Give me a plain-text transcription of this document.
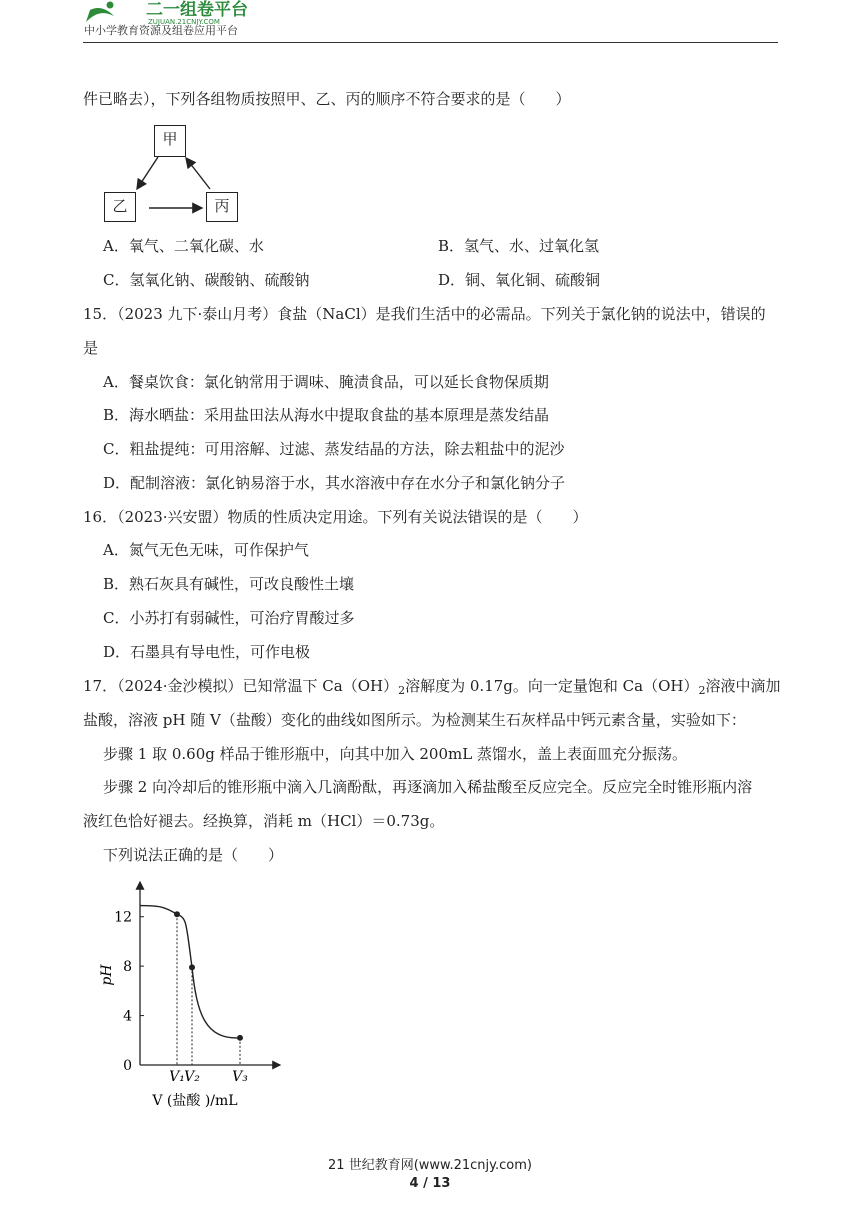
二一组卷平台
ZUJUAN.21CNJY.COM
中小学教育资源及组卷应用平台
件已略去），下列各组物质按照甲、乙、丙的顺序不符合要求的是（　　）
甲
乙	丙
A．氧气、二氧化碳、水	B．氢气、水、过氧化氢
C．氢氧化钠、碳酸钠、硫酸钠	D．铜、氧化铜、硫酸铜
15．（2023 九下·泰山月考）食盐（NaCl）是我们生活中的必需品。下列关于氯化钠的说法中，错误的
是
A．餐桌饮食：氯化钠常用于调味、腌渍食品，可以延长食物保质期
B．海水晒盐：采用盐田法从海水中提取食盐的基本原理是蒸发结晶
C．粗盐提纯：可用溶解、过滤、蒸发结晶的方法，除去粗盐中的泥沙
D．配制溶液：氯化钠易溶于水，其水溶液中存在水分子和氯化钠分子
16．（2023·兴安盟）物质的性质决定用途。下列有关说法错误的是（　　）
A．氮气无色无味，可作保护气
B．熟石灰具有碱性，可改良酸性土壤
C．小苏打有弱碱性，可治疗胃酸过多
D．石墨具有导电性，可作电极
17．（2024·金沙模拟）已知常温下 $Ca(OH)_2$溶解度为 0.17g。向一定量饱和 $Ca(OH)_2$溶液中滴加
盐酸，溶液 pH 随 V（盐酸）变化的曲线如图所示。为检测某生石灰样品中钙元素含量，实验如下：
步骤 1 取 0.60g 样品于锥形瓶中，向其中加入 200mL 蒸馏水，盖上表面皿充分振荡。
步骤 2 向冷却后的锥形瓶中滴入几滴酚酞，再逐滴加入稀盐酸至反应完全。反应完全时锥形瓶内溶
液红色恰好褪去。经换算，消耗 m（HCl）＝0.73g。
下列说法正确的是（　　）
0
4
8
12
V₁ V₂ V₃
pH
V (盐酸 )/mL
21 世纪教育网(www.21cnjy.com)
4 / 13
